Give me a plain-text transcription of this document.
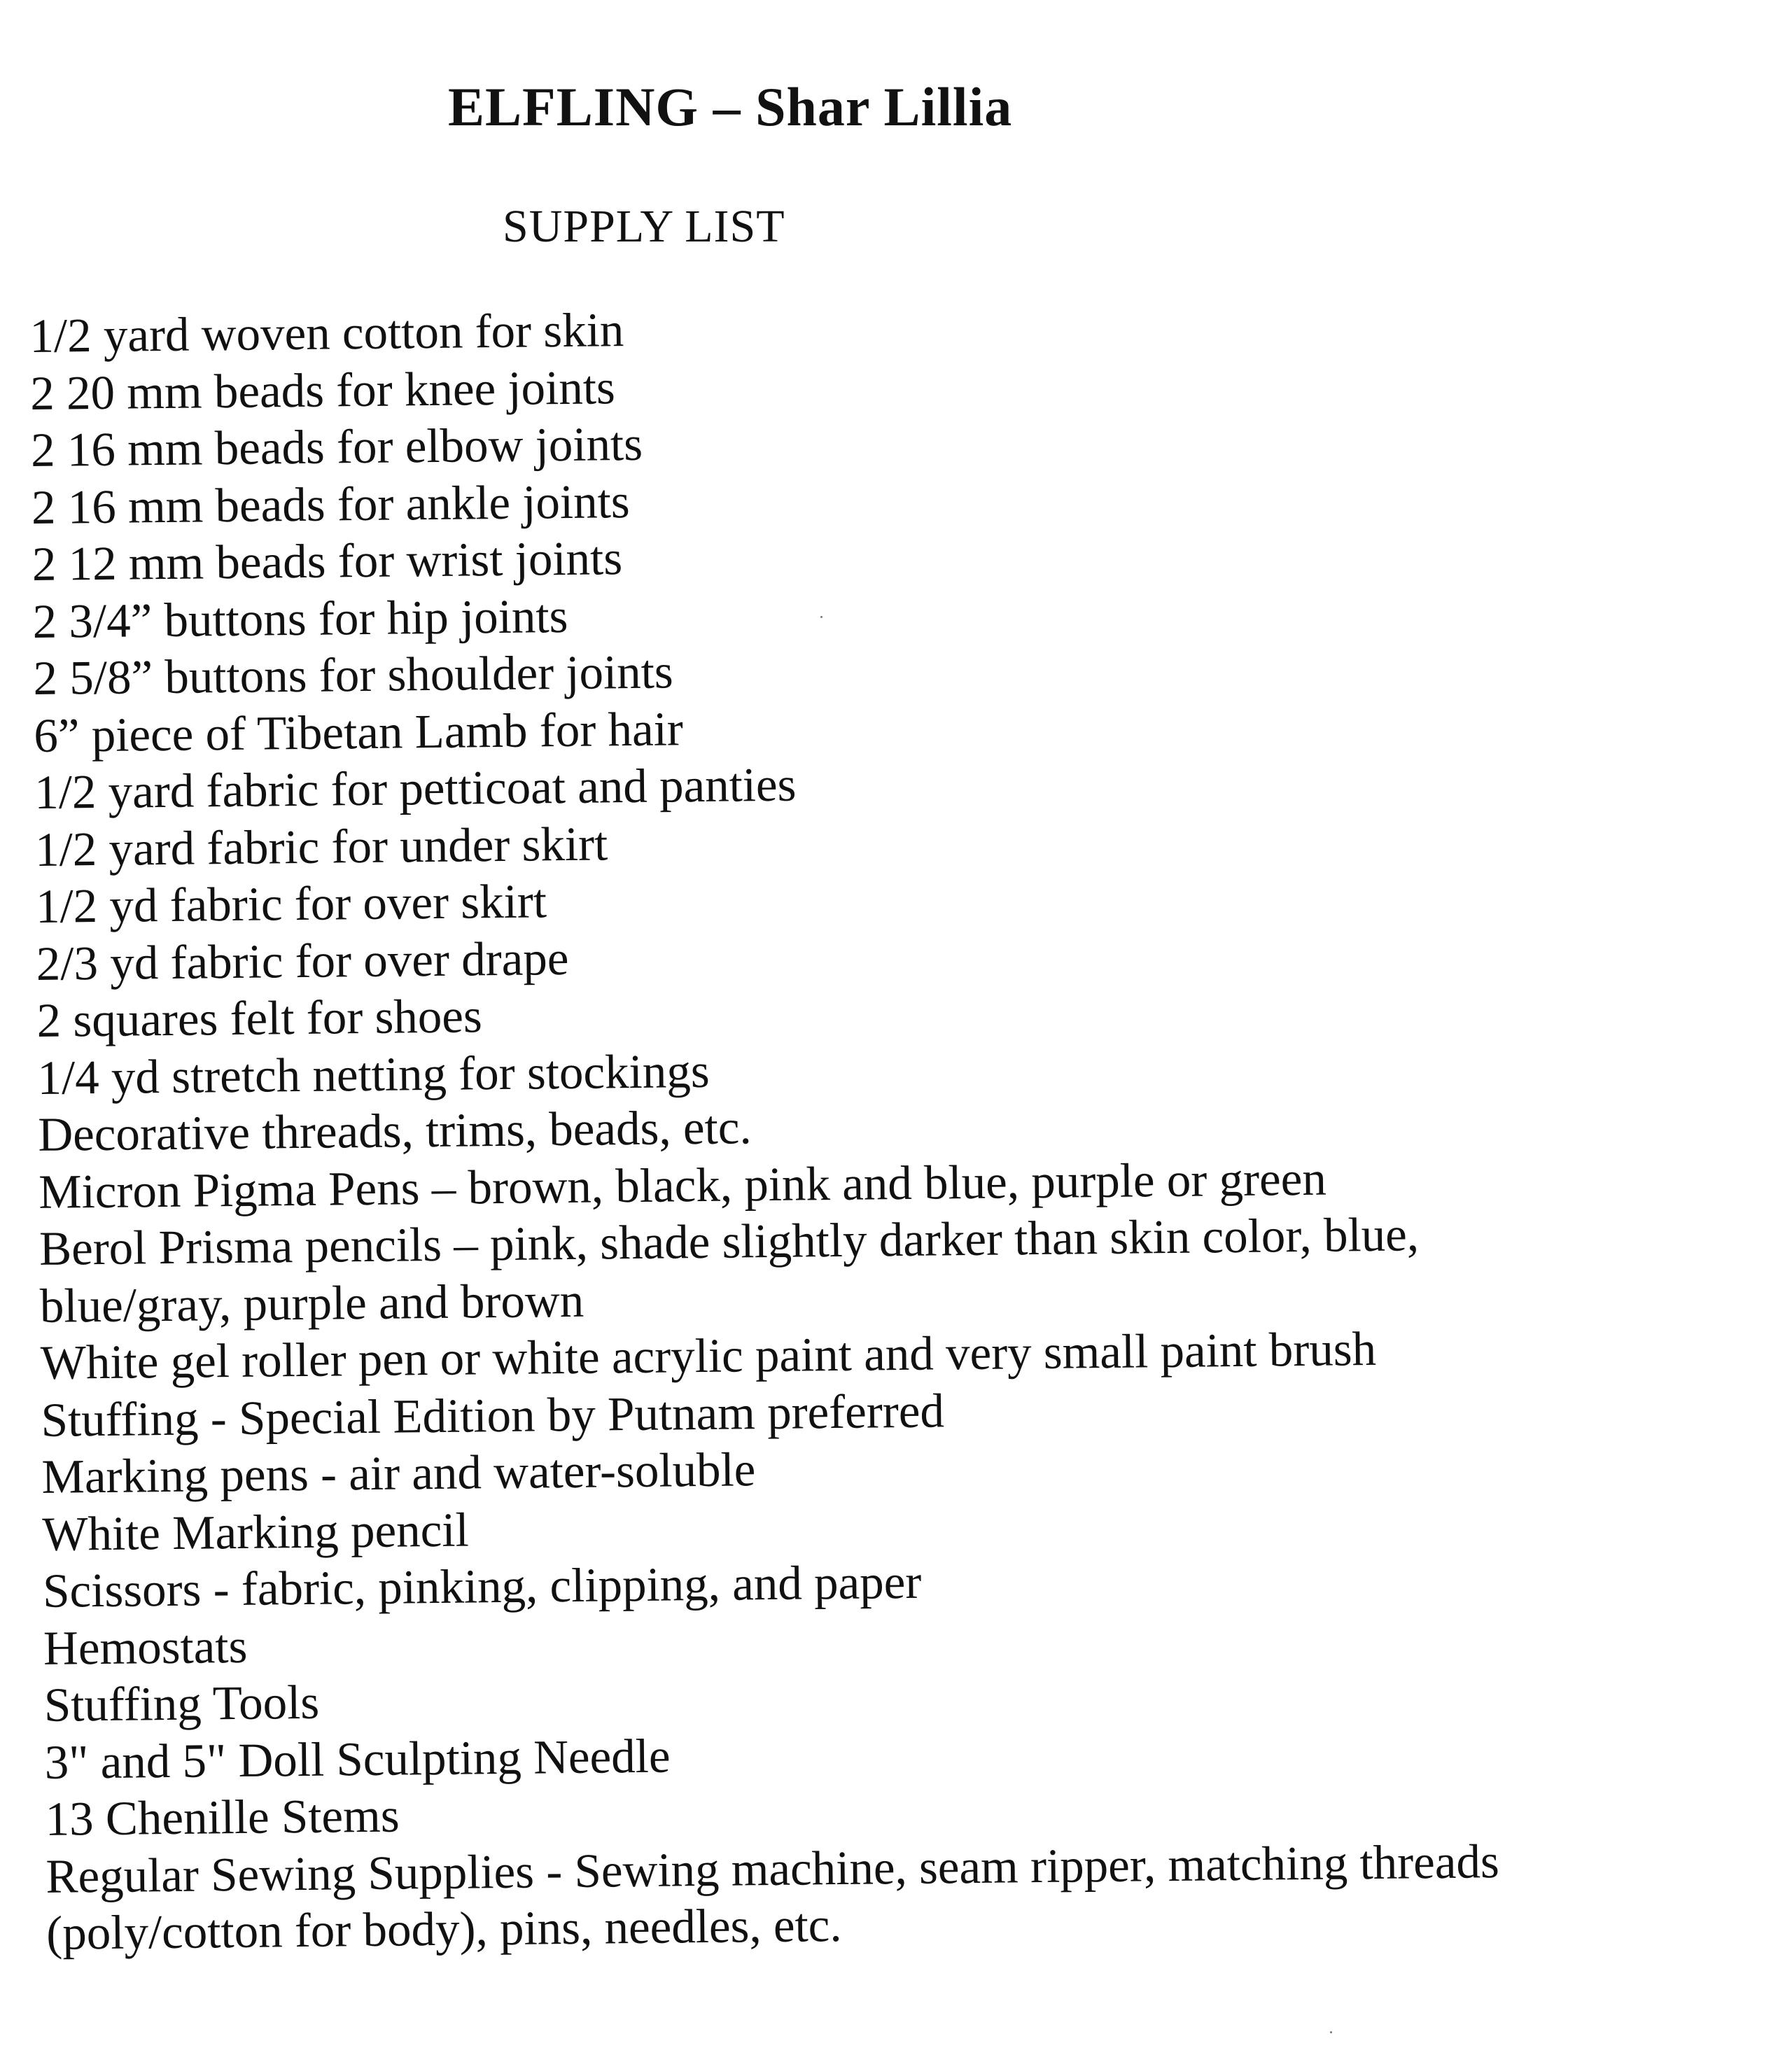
ELFLING – Shar Lillia
SUPPLY LIST
1/2 yard woven cotton for skin
2 20 mm beads for knee joints
2 16 mm beads for elbow joints
2 16 mm beads for ankle joints
2 12 mm beads for wrist joints
2 3/4” buttons for hip joints
2 5/8” buttons for shoulder joints
6” piece of Tibetan Lamb for hair
1/2 yard fabric for petticoat and panties
1/2 yard fabric for under skirt
1/2 yd fabric for over skirt
2/3 yd fabric for over drape
2 squares felt for shoes
1/4 yd stretch netting for stockings
Decorative threads, trims, beads, etc.
Micron Pigma Pens – brown, black, pink and blue, purple or green
Berol Prisma pencils – pink, shade slightly darker than skin color, blue,
blue/gray, purple and brown
White gel roller pen or white acrylic paint and very small paint brush
Stuffing - Special Edition by Putnam preferred
Marking pens - air and water-soluble
White Marking pencil
Scissors - fabric, pinking, clipping, and paper
Hemostats
Stuffing Tools
3" and 5" Doll Sculpting Needle
13 Chenille Stems
Regular Sewing Supplies - Sewing machine, seam ripper, matching threads
(poly/cotton for body), pins, needles, etc.
